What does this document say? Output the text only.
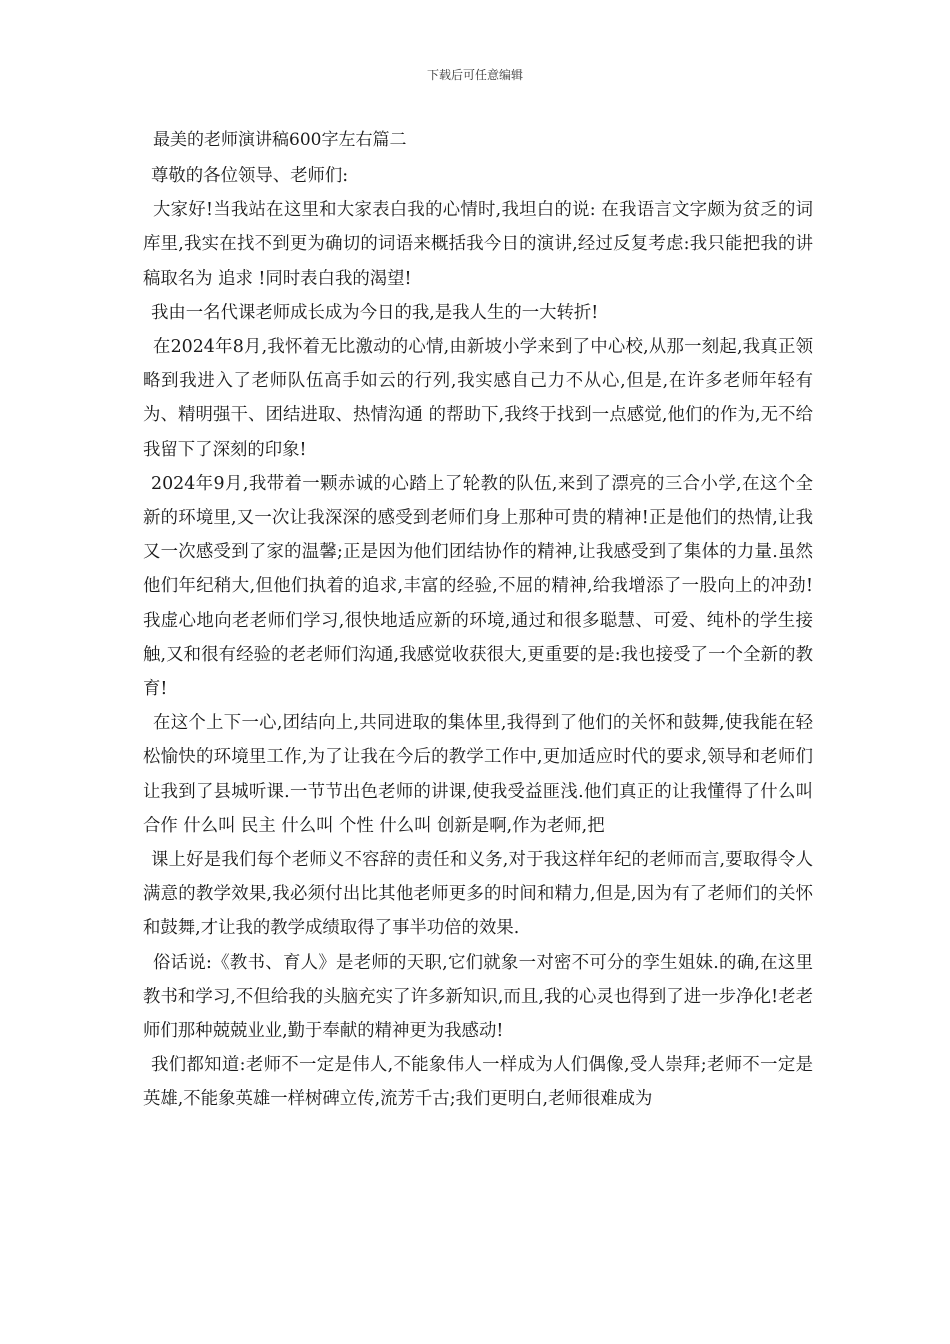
下载后可任意编辑
最美的老师演讲稿600字左右篇二

尊敬的各位领导、老师们:

大家好!当我站在这里和大家表白我的心情时,我坦白的说: 在我语言文字颇为贫乏的词库里,我实在找不到更为确切的词语来概括我今日的演讲,经过反复考虑:我只能把我的讲稿取名为 追求 !同时表白我的渴望!

我由一名代课老师成长成为今日的我,是我人生的一大转折!

在2024年8月,我怀着无比激动的心情,由新坡小学来到了中心校,从那一刻起,我真正领略到我进入了老师队伍高手如云的行列,我实感自己力不从心,但是,在许多老师年轻有为、精明强干、团结进取、热情沟通 的帮助下,我终于找到一点感觉,他们的作为,无不给我留下了深刻的印象!

2024年9月,我带着一颗赤诚的心踏上了轮教的队伍,来到了漂亮的三合小学,在这个全新的环境里,又一次让我深深的感受到老师们身上那种可贵的精神!正是他们的热情,让我又一次感受到了家的温馨;正是因为他们团结协作的精神,让我感受到了集体的力量.虽然他们年纪稍大,但他们执着的追求,丰富的经验,不屈的精神,给我增添了一股向上的冲劲!我虚心地向老老师们学习,很快地适应新的环境,通过和很多聪慧、可爱、纯朴的学生接触,又和很有经验的老老师们沟通,我感觉收获很大,更重要的是:我也接受了一个全新的教育!

在这个上下一心,团结向上,共同进取的集体里,我得到了他们的关怀和鼓舞,使我能在轻松愉快的环境里工作,为了让我在今后的教学工作中,更加适应时代的要求,领导和老师们让我到了县城听课.一节节出色老师的讲课,使我受益匪浅.他们真正的让我懂得了什么叫 合作 什么叫 民主 什么叫 个性 什么叫 创新是啊,作为老师,把

课上好是我们每个老师义不容辞的责任和义务,对于我这样年纪的老师而言,要取得令人满意的教学效果,我必须付出比其他老师更多的时间和精力,但是,因为有了老师们的关怀和鼓舞,才让我的教学成绩取得了事半功倍的效果.

俗话说:《教书、育人》是老师的天职,它们就象一对密不可分的孪生姐妹.的确,在这里教书和学习,不但给我的头脑充实了许多新知识,而且,我的心灵也得到了进一步净化!老老师们那种兢兢业业,勤于奉献的精神更为我感动!

我们都知道:老师不一定是伟人,不能象伟人一样成为人们偶像,受人崇拜;老师不一定是英雄,不能象英雄一样树碑立传,流芳千古;我们更明白,老师很难成为
